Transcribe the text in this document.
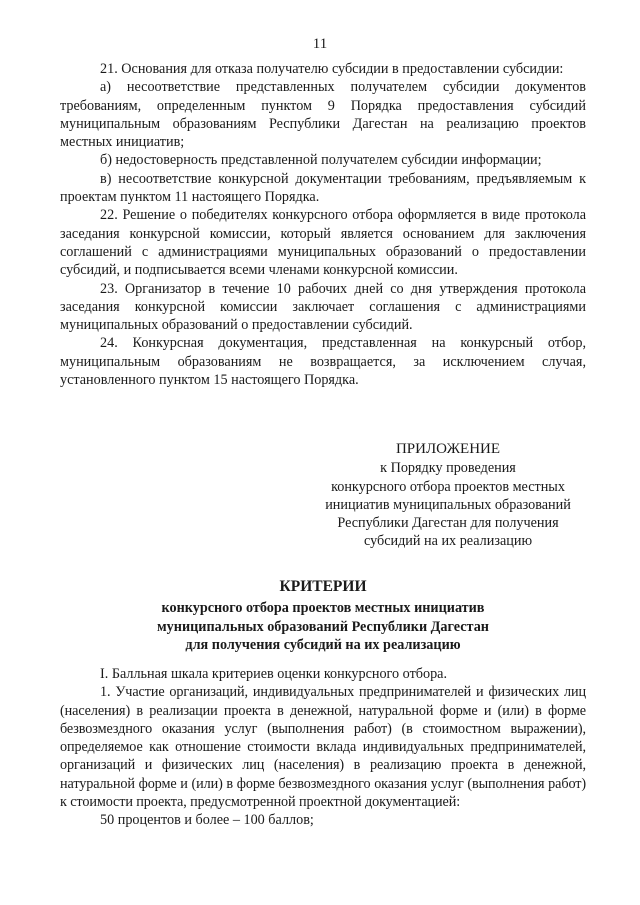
11

21. Основания для отказа получателю субсидии в предоставлении субсидии:

а) несоответствие представленных получателем субсидии документов требованиям, определенным пунктом 9 Порядка предоставления субсидий муниципальным образованиям Республики Дагестан на реализацию проектов местных инициатив;

б) недостоверность представленной получателем субсидии информации;

в) несоответствие конкурсной документации требованиям, предъявляемым к проектам пунктом 11 настоящего Порядка.

22. Решение о победителях конкурсного отбора оформляется в виде протокола заседания конкурсной комиссии, который является основанием для заключения соглашений с администрациями муниципальных образований о предоставлении субсидий, и подписывается всеми членами конкурсной комиссии.

23. Организатор в течение 10 рабочих дней со дня утверждения протокола заседания конкурсной комиссии заключает соглашения с администрациями муниципальных образований о предоставлении субсидий.

24. Конкурсная документация, представленная на конкурсный отбор, муниципальным образованиям не возвращается, за исключением случая, установленного пунктом 15 настоящего Порядка.

ПРИЛОЖЕНИЕ
к Порядку проведения
конкурсного отбора проектов местных
инициатив муниципальных образований
Республики Дагестан для получения
субсидий на их реализацию
КРИТЕРИИ
конкурсного отбора проектов местных инициатив
муниципальных образований Республики Дагестан
для получения субсидий на их реализацию

I. Балльная шкала критериев оценки конкурсного отбора.

1. Участие организаций, индивидуальных предпринимателей и физических лиц (населения) в реализации проекта в денежной, натуральной форме и (или) в форме безвозмездного оказания услуг (выполнения работ) (в стоимостном выражении), определяемое как отношение стоимости вклада индивидуальных предпринимателей, организаций и физических лиц (населения) в реализацию проекта в денежной, натуральной форме и (или) в форме безвозмездного оказания услуг (выполнения работ) к стоимости проекта, предусмотренной проектной документацией:

50 процентов и более – 100 баллов;
